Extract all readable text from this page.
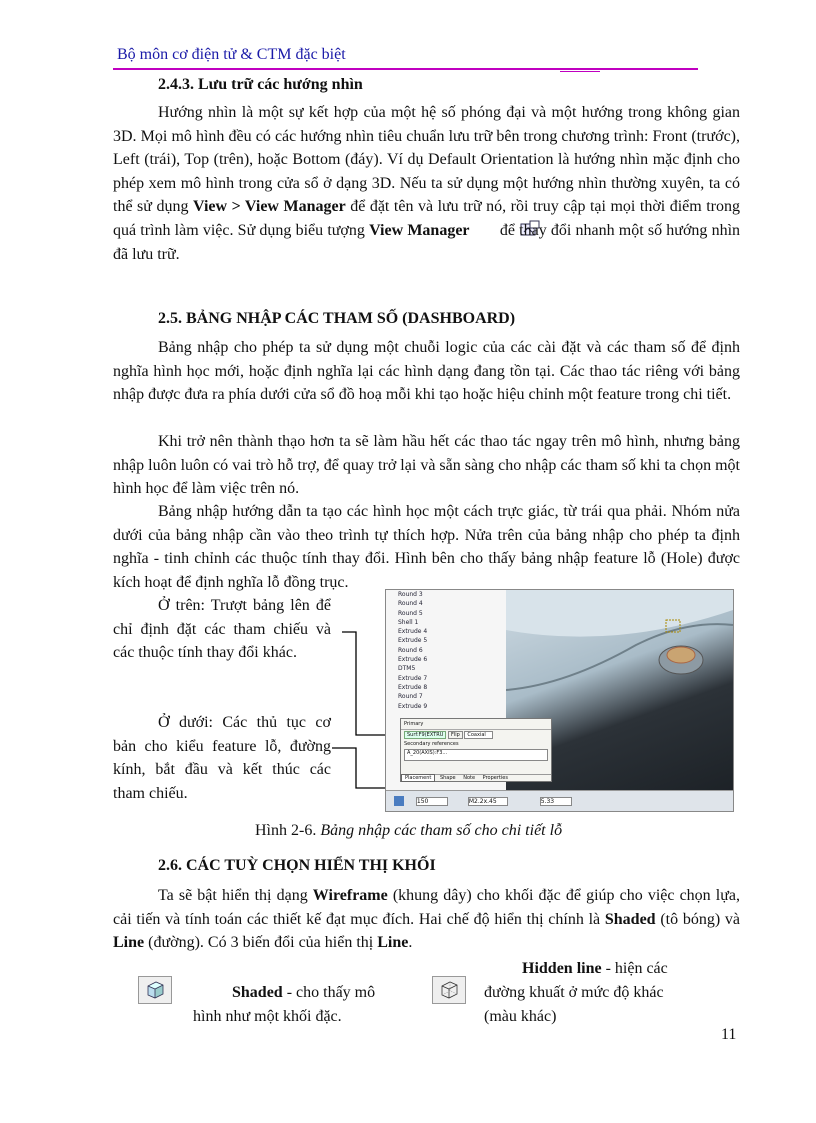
Bộ môn cơ điện tử & CTM đặc biệt
2.4.3. Lưu trữ các hướng nhìn

Hướng nhìn là một sự kết hợp của một hệ số phóng đại và một hướng trong không gian 3D. Mọi mô hình đều có các hướng nhìn tiêu chuẩn lưu trữ bên trong chương trình: Front (trước), Left (trái), Top (trên), hoặc Bottom (đáy). Ví dụ Default Orientation là hướng nhìn mặc định cho phép xem mô hình trong cửa sổ ở dạng 3D. Nếu ta sử dụng một hướng nhìn thường xuyên, ta có thể sử dụng View > View Manager để đặt tên và lưu trữ nó, rồi truy cập tại mọi thời điểm trong quá trình làm việc. Sử dụng biểu tượng View Manager  để thay đổi nhanh một số hướng nhìn đã lưu trữ.

2.5. BẢNG NHẬP CÁC THAM SỐ (DASHBOARD)

Bảng nhập cho phép ta sử dụng một chuỗi logic của các cài đặt và các tham số để định nghĩa hình học mới, hoặc định nghĩa lại các hình dạng đang tồn tại. Các thao tác riêng với bảng nhập được đưa ra phía dưới cửa sổ đồ hoạ mỗi khi tạo hoặc hiệu chỉnh một feature trong chi tiết.

Khi trở nên thành thạo hơn ta sẽ làm hầu hết các thao tác ngay trên mô hình, nhưng bảng nhập luôn luôn có vai trò hỗ trợ, để quay trở lại và sẵn sàng cho nhập các tham số khi ta chọn một hình học để làm việc trên nó.

Bảng nhập hướng dẫn ta tạo các hình học một cách trực giác, từ trái qua phải. Nhóm nửa dưới của bảng nhập cần vào theo trình tự thích hợp. Nửa trên của bảng nhập cho phép ta định nghĩa - tinh chỉnh các thuộc tính thay đổi. Hình bên cho thấy bảng nhập feature lỗ (Hole) được kích hoạt để định nghĩa lỗ đồng trục.

Ở trên: Trượt bảng lên để chỉ định đặt các tham chiếu và các thuộc tính thay đổi khác.

Ở dưới: Các thủ tục cơ bản cho kiểu feature lỗ, đường kính, bắt đầu và kết thúc các tham chiếu.

Round 3
Round 4
Round 5
Shell 1
Extrude 4
Extrude 5
Round 6
Extrude 6
DTM5
Extrude 7
Extrude 8
Round 7
Extrude 9
Primary
Surf:F9(EXTRU Flip Coaxial
Secondary references
A_20(AXIS):F3...
Placement Shape Note Properties
150	M2.2x.45	5.33
Hình 2-6. Bảng nhập các tham số cho chi tiết lỗ
2.6. CÁC TUỲ CHỌN HIỂN THỊ KHỐI

Ta sẽ bật hiển thị dạng Wireframe (khung dây) cho khối đặc để giúp cho việc chọn lựa, cải tiến và tính toán các thiết kế đạt mục đích. Hai chế độ hiển thị chính là Shaded (tô bóng) và Line (đường). Có 3 biến đổi của hiển thị Line.

Shaded - cho thấy mô
hình như một khối đặc.
Hidden line - hiện các
đường khuất ở mức độ khác
(màu khác)
11
